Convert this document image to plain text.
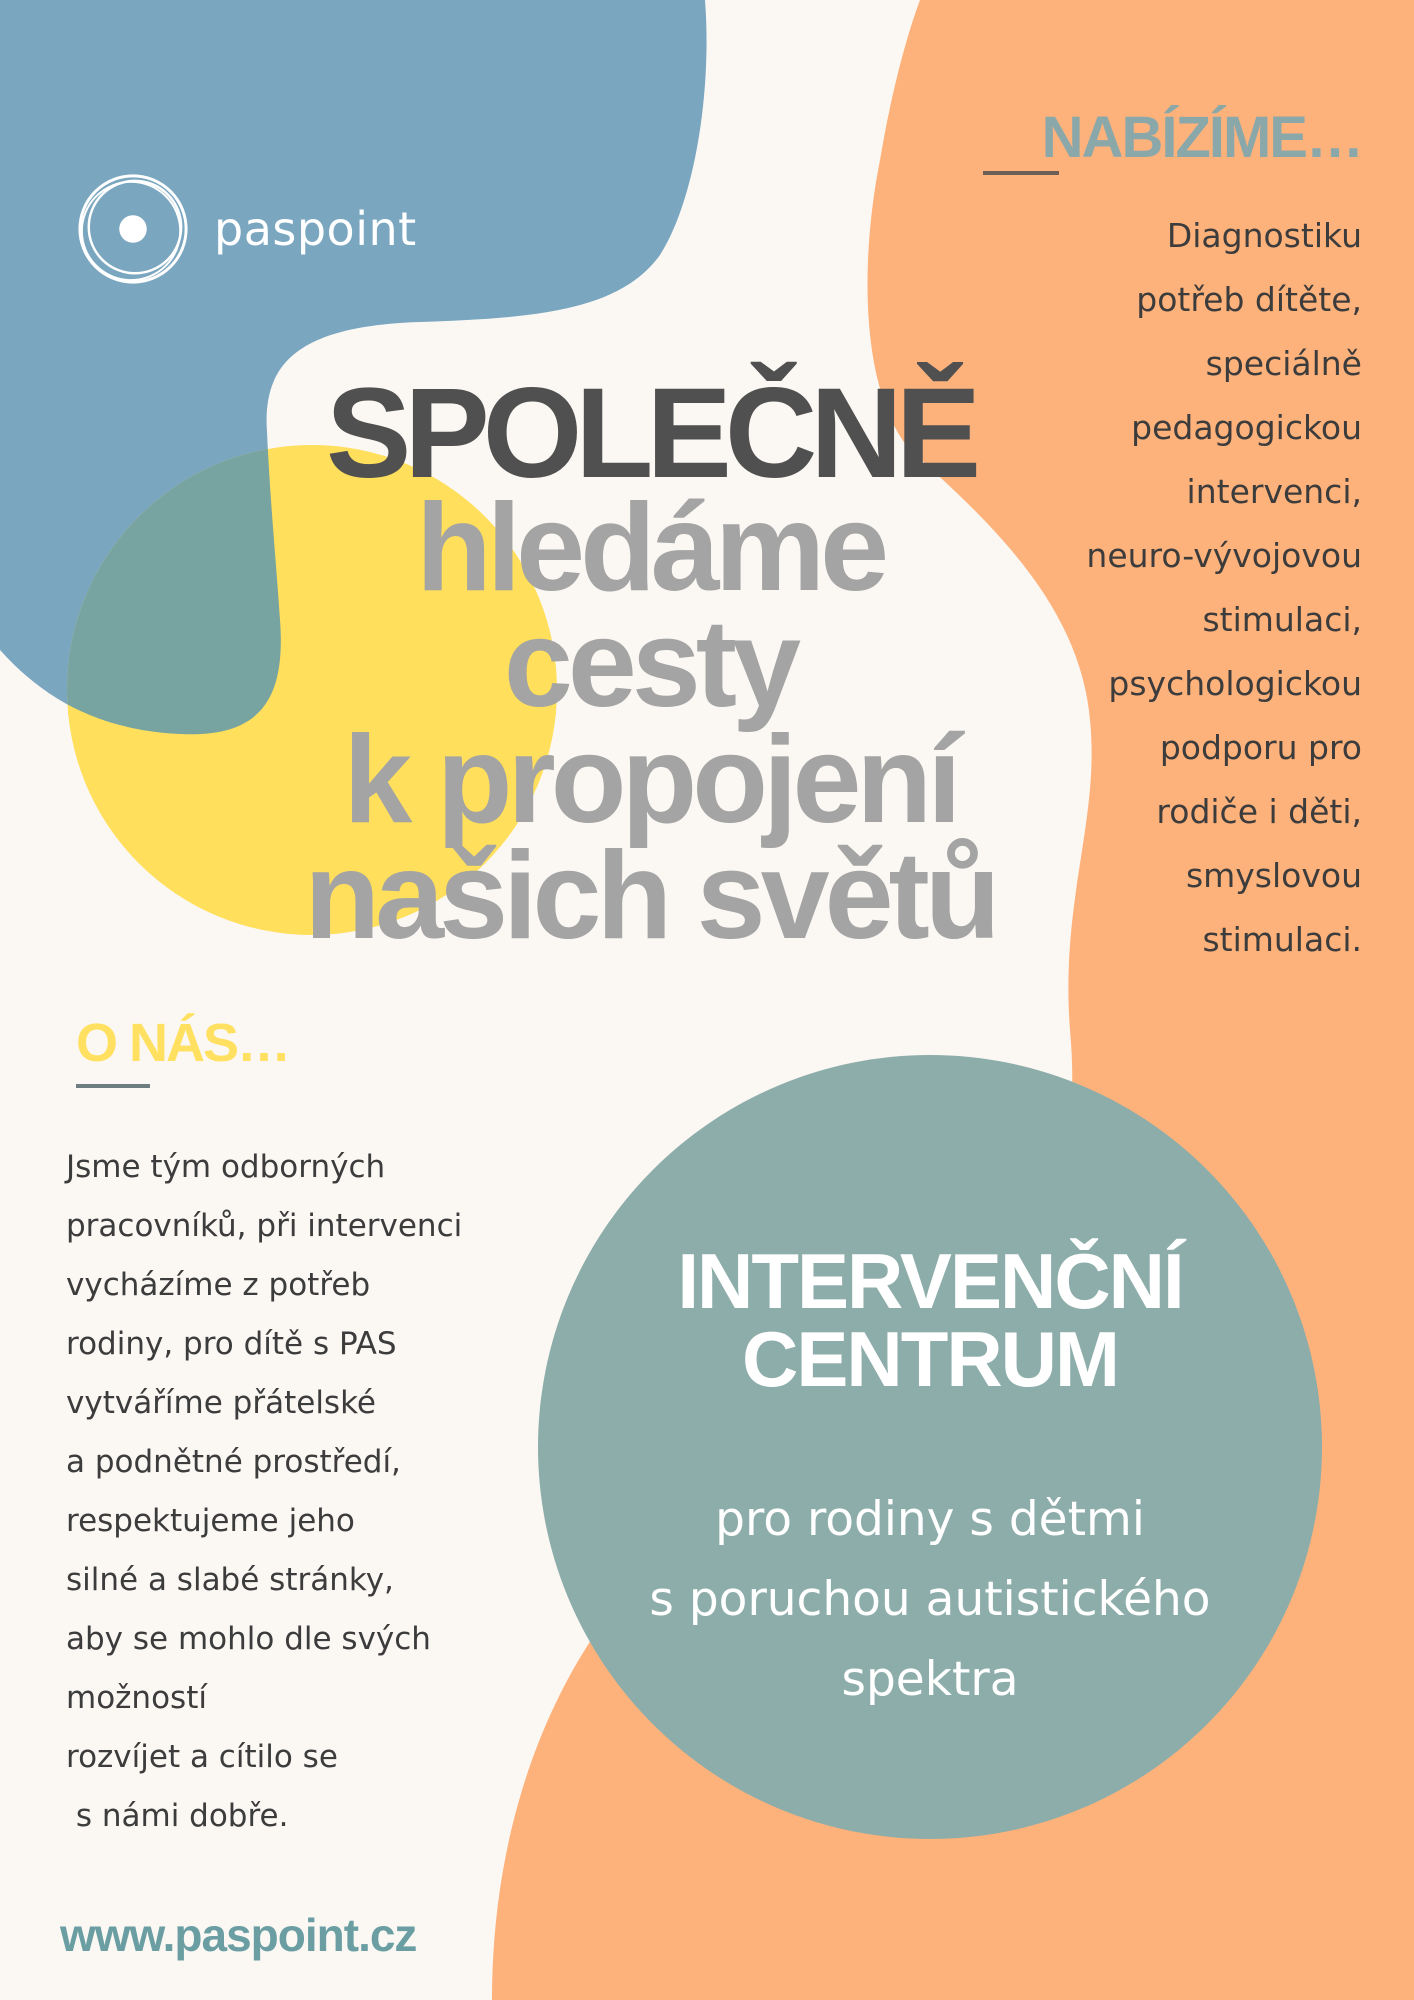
paspoint
SPOLEČNĚ
hledáme
cesty
k propojení
našich světů
NABÍZÍME…
Diagnostiku
potřeb dítěte,
speciálně
pedagogickou
intervenci,
neuro-vývojovou
stimulaci,
psychologickou
podporu pro
rodiče i děti,
smyslovou
stimulaci.
O NÁS…
Jsme tým odborných
pracovníků, při intervenci
vycházíme z potřeb
rodiny, pro dítě s PAS
vytváříme přátelské
a podnětné prostředí,
respektujeme jeho
silné a slabé stránky,
aby se mohlo dle svých
možností
rozvíjet a cítilo se
s námi dobře.
INTERVENČNÍ
CENTRUM
pro rodiny s dětmi
s poruchou autistického
spektra
www.paspoint.cz
